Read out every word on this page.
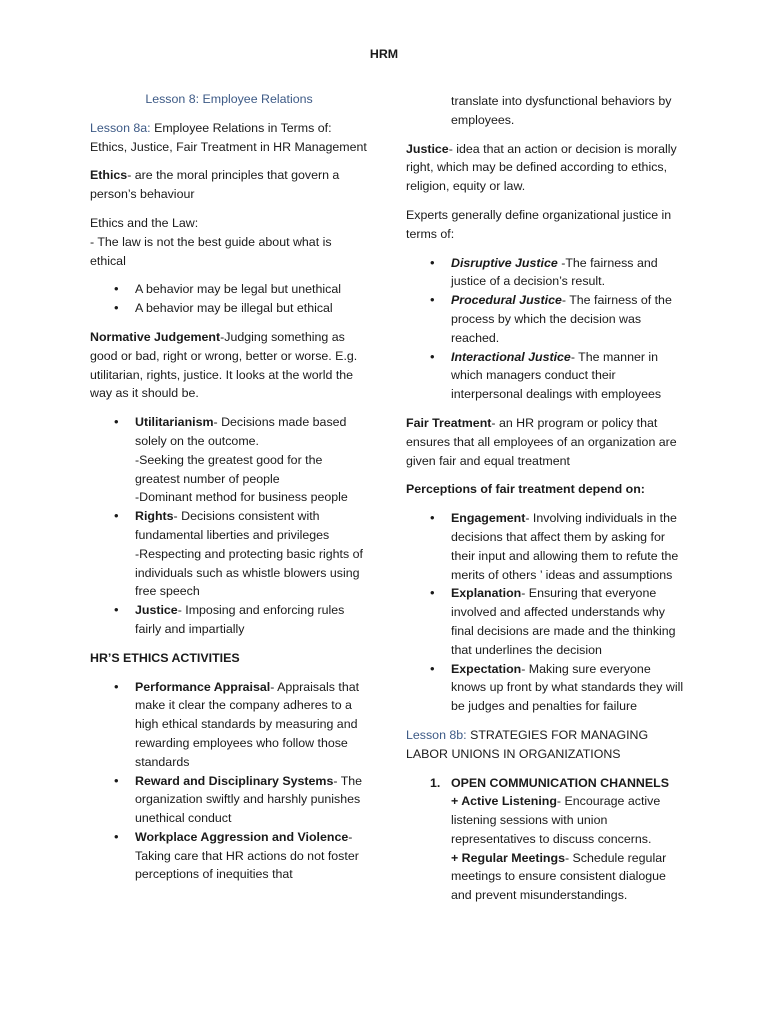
HRM

Lesson 8: Employee Relations

Lesson 8a: Employee Relations in Terms of: Ethics, Justice, Fair Treatment in HR Management

Ethics- are the moral principles that govern a person’s behaviour

Ethics and the Law:
- The law is not the best guide about what is ethical

• A behavior may be legal but unethical
• A behavior may be illegal but ethical

Normative Judgement-Judging something as good or bad, right or wrong, better or worse. E.g. utilitarian, rights, justice. It looks at the world the way as it should be.

• Utilitarianism- Decisions made based solely on the outcome.
-Seeking the greatest good for the greatest number of people
-Dominant method for business people
• Rights- Decisions consistent with fundamental liberties and privileges
-Respecting and protecting basic rights of individuals such as whistle blowers using free speech
• Justice- Imposing and enforcing rules fairly and impartially

HR’S ETHICS ACTIVITIES

• Performance Appraisal- Appraisals that make it clear the company adheres to a high ethical standards by measuring and rewarding employees who follow those standards
• Reward and Disciplinary Systems- The organization swiftly and harshly punishes unethical conduct
• Workplace Aggression and Violence- Taking care that HR actions do not foster perceptions of inequities that

translate into dysfunctional behaviors by employees.

Justice- idea that an action or decision is morally right, which may be defined according to ethics, religion, equity or law.

Experts generally define organizational justice in terms of:

• Disruptive Justice -The fairness and justice of a decision’s result.
• Procedural Justice- The fairness of the process by which the decision was reached.
• Interactional Justice- The manner in which managers conduct their interpersonal dealings with employees

Fair Treatment- an HR program or policy that ensures that all employees of an organization are given fair and equal treatment

Perceptions of fair treatment depend on:

• Engagement- Involving individuals in the decisions that affect them by asking for their input and allowing them to refute the merits of others ’ ideas and assumptions
• Explanation- Ensuring that everyone involved and affected understands why final decisions are made and the thinking that underlines the decision
• Expectation- Making sure everyone knows up front by what standards they will be judges and penalties for failure

Lesson 8b: STRATEGIES FOR MANAGING LABOR UNIONS IN ORGANIZATIONS

1. OPEN COMMUNICATION CHANNELS
+ Active Listening- Encourage active listening sessions with union representatives to discuss concerns.
+ Regular Meetings- Schedule regular meetings to ensure consistent dialogue and prevent misunderstandings.
